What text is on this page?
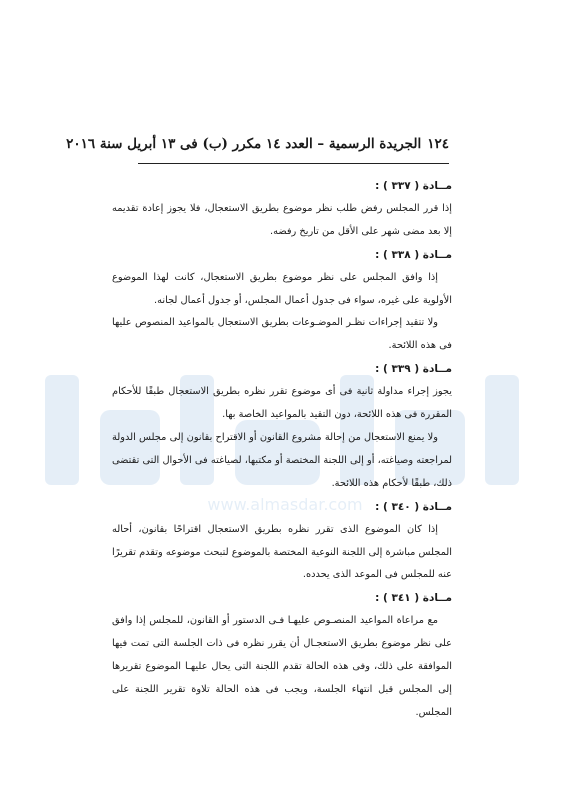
www.almasdar.com
١٢٤
الجريدة الرسمية – العدد ١٤ مكرر (ب) فى ١٣ أبريل سنة ٢٠١٦

مــادة ( ٣٣٧ ) :

إذا قرر المجلس رفض طلب نظر موضوع بطريق الاستعجال، فلا يجوز إعادة تقديمه إلا بعد مضى شهر على الأقل من تاريخ رفضه.

مــادة ( ٣٣٨ ) :

إذا وافق المجلس على نظر موضوع بطريق الاستعجال، كانت لهذا الموضوع الأولوية على غيره، سواء فى جدول أعمال المجلس، أو جدول أعمال لجانه.

ولا تتقيد إجراءات نظـر الموضـوعات بطريق الاستعجال بالمواعيد المنصوص عليها فى هذه اللائحة.

مــادة ( ٣٣٩ ) :

يجوز إجراء مداولة ثانية فى أى موضوع تقرر نظره بطريق الاستعجال طبقًا للأحكام المقررة فى هذه اللائحة، دون التقيد بالمواعيد الخاصة بها.

ولا يمنع الاستعجال من إحالة مشروع القانون أو الاقتراح بقانون إلى مجلس الدولة لمراجعته وصياغته، أو إلى اللجنة المختصة أو مكتبها، لصياغته فى الأحوال التى تقتضى ذلك، طبقًا لأحكام هذه اللائحة.

مــادة ( ٣٤٠ ) :

إذا كان الموضوع الذى تقرر نظره بطريق الاستعجال اقتراحًا بقانون، أحاله المجلس مباشرة إلى اللجنة النوعية المختصة بالموضوع لتبحث موضوعه وتقدم تقريرًا عنه للمجلس فى الموعد الذى يحدده.

مــادة ( ٣٤١ ) :

مع مراعاة المواعيد المنصـوص عليهـا فـى الدستور أو القانون، للمجلس إذا وافق على نظر موضوع بطريق الاستعجـال أن يقرر نظره فى ذات الجلسة التى تمت فيها الموافقة على ذلك، وفى هذه الحالة تقدم اللجنة التى يحال عليهـا الموضوع تقريرها إلى المجلس قبل انتهاء الجلسة، ويجب فى هذه الحالة تلاوة تقرير اللجنة على المجلس.
